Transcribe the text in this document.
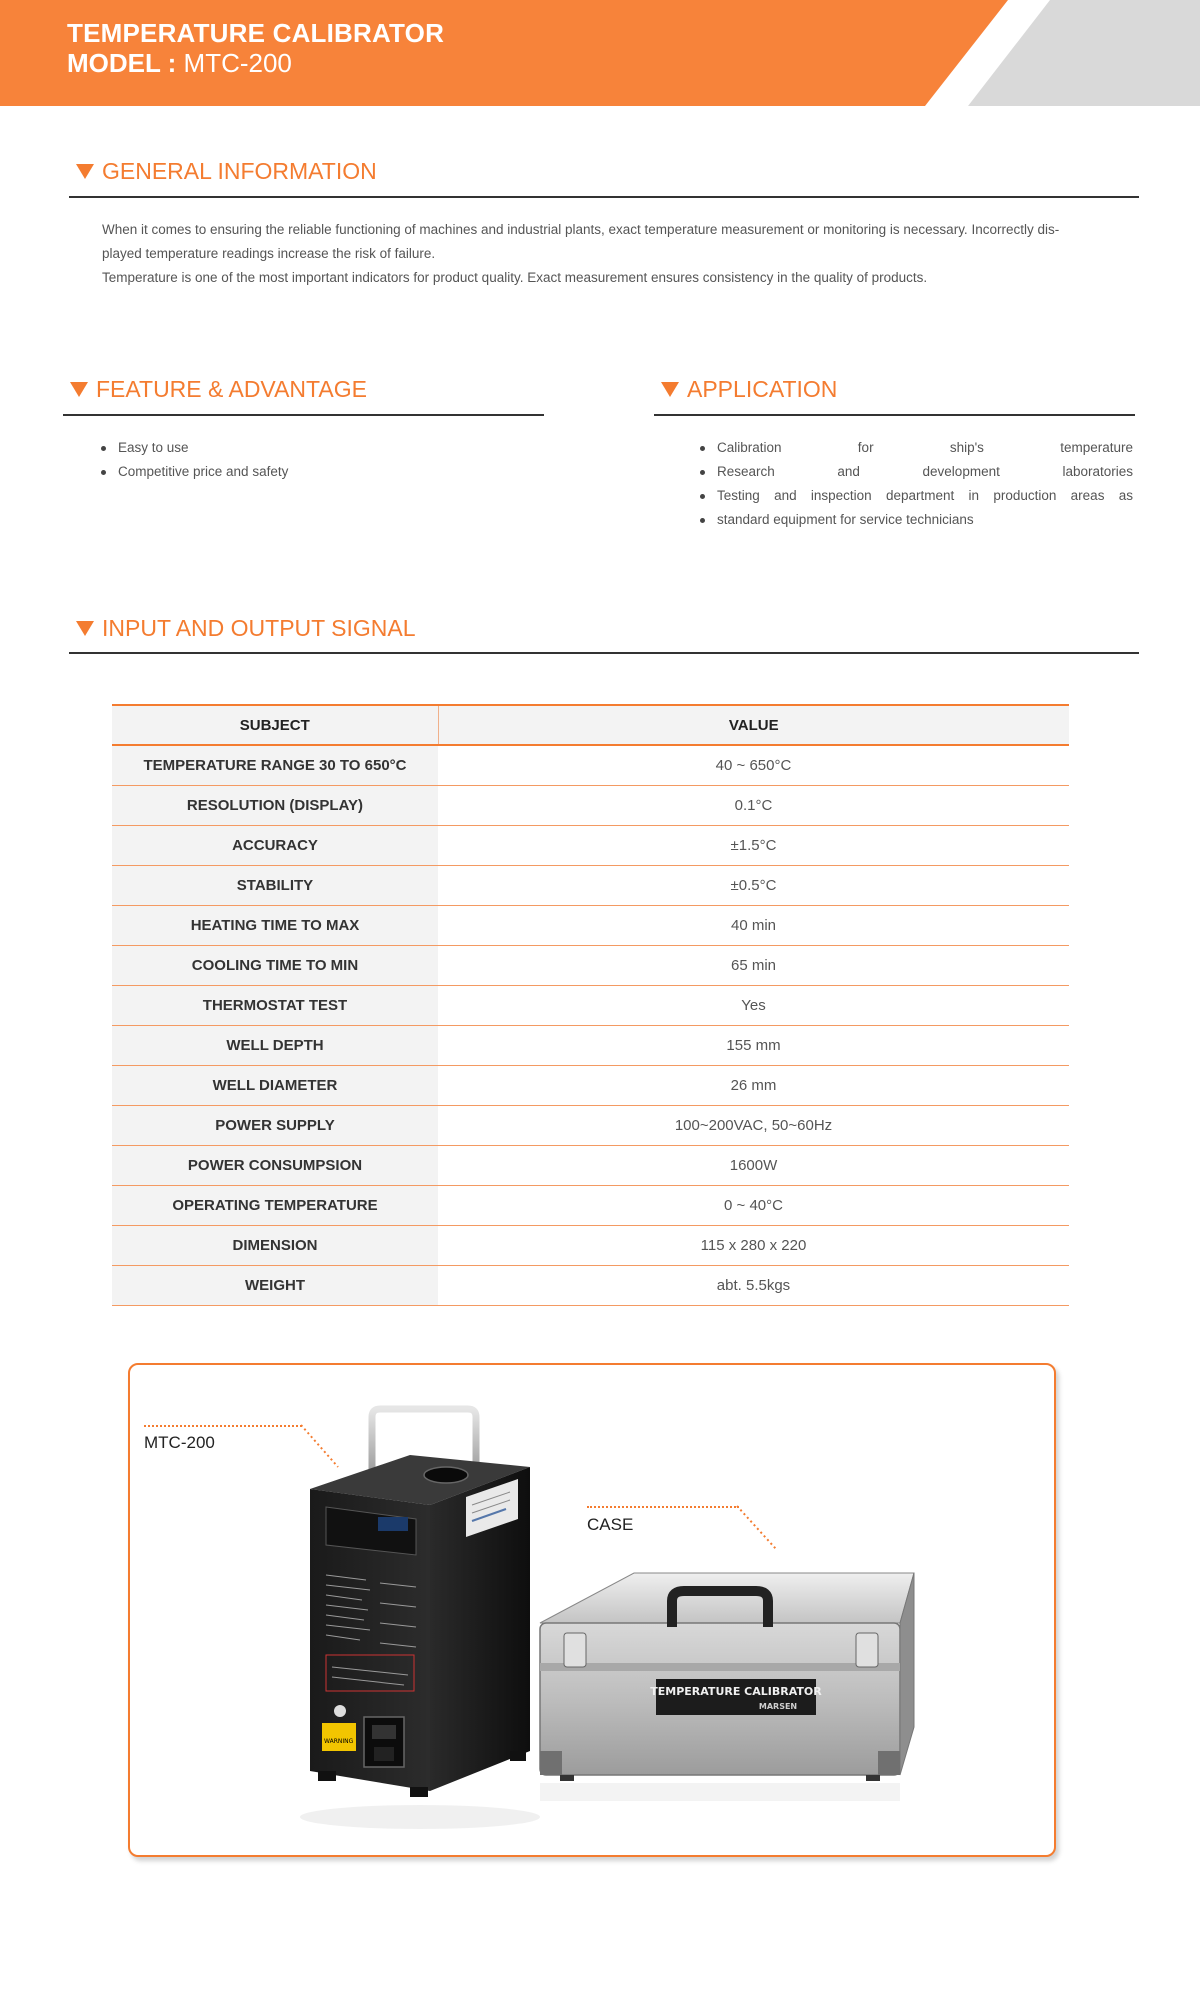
TEMPERATURE CALIBRATOR
MODEL : MTC-200
GENERAL INFORMATION
When it comes to ensuring the reliable functioning of machines and industrial plants, exact temperature measurement or monitoring is necessary. Incorrectly dis-
played temperature readings increase the risk of failure.
Temperature is one of the most important indicators for product quality. Exact measurement ensures consistency in the quality of products.
FEATURE & ADVANTAGE
Easy to use
Competitive price and safety
APPLICATION
Calibration for ship's temperature
Research and development laboratories
Testing and inspection department in production areas as
standard equipment for service technicians
INPUT AND OUTPUT SIGNAL
SUBJECT	VALUE
TEMPERATURE RANGE 30 TO 650°C	40 ~ 650°C
RESOLUTION (DISPLAY)	0.1°C
ACCURACY	±1.5°C
STABILITY	±0.5°C
HEATING TIME TO MAX	40 min
COOLING TIME TO MIN	65 min
THERMOSTAT TEST	Yes
WELL DEPTH	155 mm
WELL DIAMETER	26 mm
POWER SUPPLY	100~200VAC, 50~60Hz
POWER CONSUMPSION	1600W
OPERATING TEMPERATURE	0 ~ 40°C
DIMENSION	115 x 280 x 220
WEIGHT	abt. 5.5kgs
MTC-200
CASE
WARNING
TEMPERATURE CALIBRATOR
MARSEN
